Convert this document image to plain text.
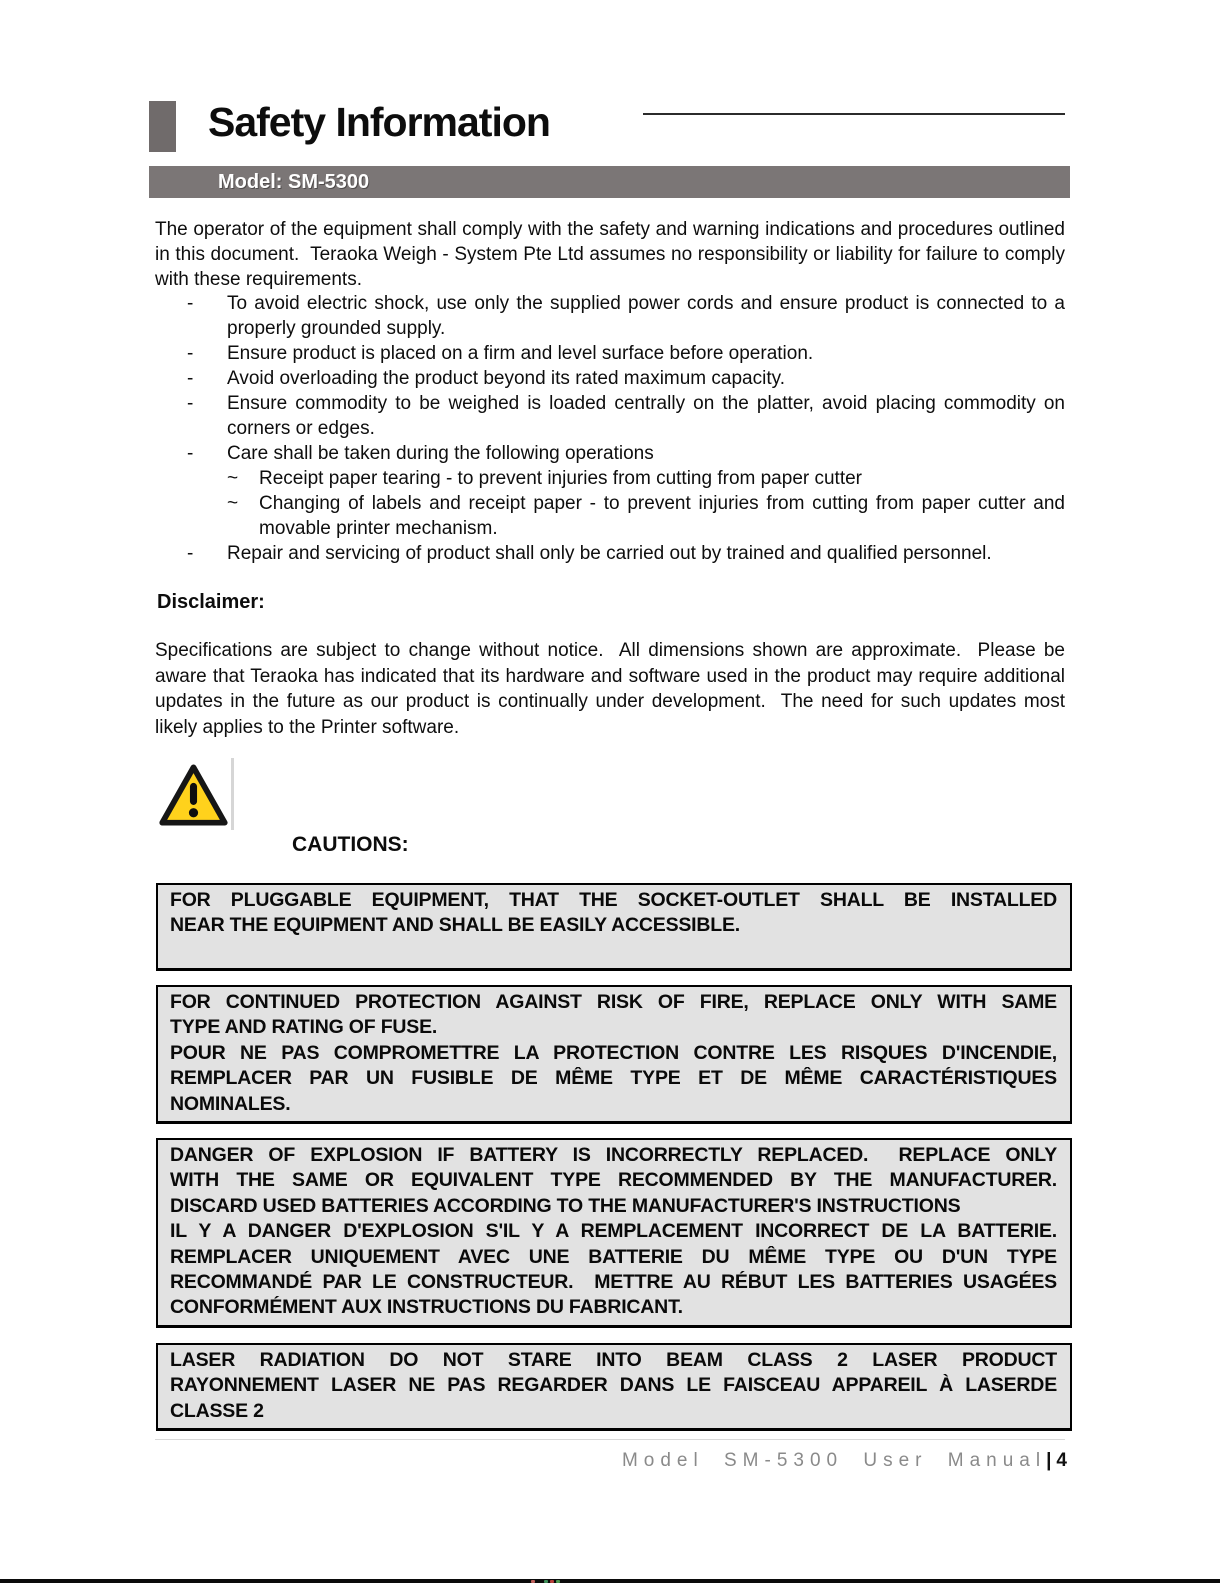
Safety Information
Model: SM-5300
The operator of the equipment shall comply with the safety and warning indications and procedures outlined in this document.  Teraoka Weigh - System Pte Ltd assumes no responsibility or liability for failure to comply with these requirements.
- To avoid electric shock, use only the supplied power cords and ensure product is connected to a properly grounded supply.
- Ensure product is placed on a firm and level surface before operation.
- Avoid overloading the product beyond its rated maximum capacity.
- Ensure commodity to be weighed is loaded centrally on the platter, avoid placing commodity on corners or edges.
- Care shall be taken during the following operations
~ Receipt paper tearing - to prevent injuries from cutting from paper cutter
~ Changing of labels and receipt paper - to prevent injuries from cutting from paper cutter and movable printer mechanism.
- Repair and servicing of product shall only be carried out by trained and qualified personnel.
Disclaimer:
Specifications are subject to change without notice.  All dimensions shown are approximate.  Please be aware that Teraoka has indicated that its hardware and software used in the product may require additional updates in the future as our product is continually under development.  The need for such updates most likely applies to the Printer software.
CAUTIONS:
FOR PLUGGABLE EQUIPMENT, THAT THE SOCKET-OUTLET SHALL BE INSTALLED
NEAR THE EQUIPMENT AND SHALL BE EASILY ACCESSIBLE.
FOR CONTINUED PROTECTION AGAINST RISK OF FIRE, REPLACE ONLY WITH SAME
TYPE AND RATING OF FUSE.
POUR NE PAS COMPROMETTRE LA PROTECTION CONTRE LES RISQUES D'INCENDIE,
REMPLACER PAR UN FUSIBLE DE MÊME TYPE ET DE MÊME CARACTÉRISTIQUES
NOMINALES.
DANGER OF EXPLOSION IF BATTERY IS INCORRECTLY REPLACED.  REPLACE ONLY
WITH THE SAME OR EQUIVALENT TYPE RECOMMENDED BY THE MANUFACTURER.
DISCARD USED BATTERIES ACCORDING TO THE MANUFACTURER'S INSTRUCTIONS
IL Y A DANGER D'EXPLOSION S'IL Y A REMPLACEMENT INCORRECT DE LA BATTERIE.
REMPLACER UNIQUEMENT AVEC UNE BATTERIE DU MÊME TYPE OU D'UN TYPE
RECOMMANDÉ PAR LE CONSTRUCTEUR.  METTRE AU RÉBUT LES BATTERIES USAGÉES
CONFORMÉMENT AUX INSTRUCTIONS DU FABRICANT.
LASER RADIATION DO NOT STARE INTO BEAM CLASS 2 LASER PRODUCT
RAYONNEMENT LASER NE PAS REGARDER DANS LE FAISCEAU APPAREIL À LASERDE
CLASSE 2
Model SM-5300 User Manual|4
